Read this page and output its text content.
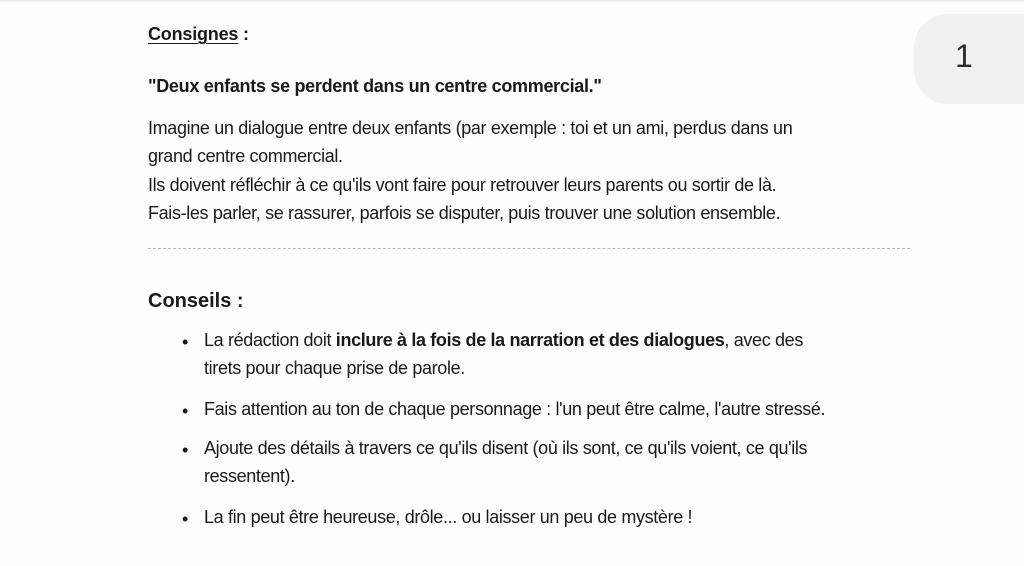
Consignes :
"Deux enfants se perdent dans un centre commercial."
Imagine un dialogue entre deux enfants (par exemple : toi et un ami, perdus dans un
grand centre commercial.
Ils doivent réfléchir à ce qu'ils vont faire pour retrouver leurs parents ou sortir de là.
Fais-les parler, se rassurer, parfois se disputer, puis trouver une solution ensemble.
Conseils :
• La rédaction doit inclure à la fois de la narration et des dialogues, avec des
tirets pour chaque prise de parole.
• Fais attention au ton de chaque personnage : l'un peut être calme, l'autre stressé.
• Ajoute des détails à travers ce qu'ils disent (où ils sont, ce qu'ils voient, ce qu'ils
ressentent).
• La fin peut être heureuse, drôle... ou laisser un peu de mystère !
1
